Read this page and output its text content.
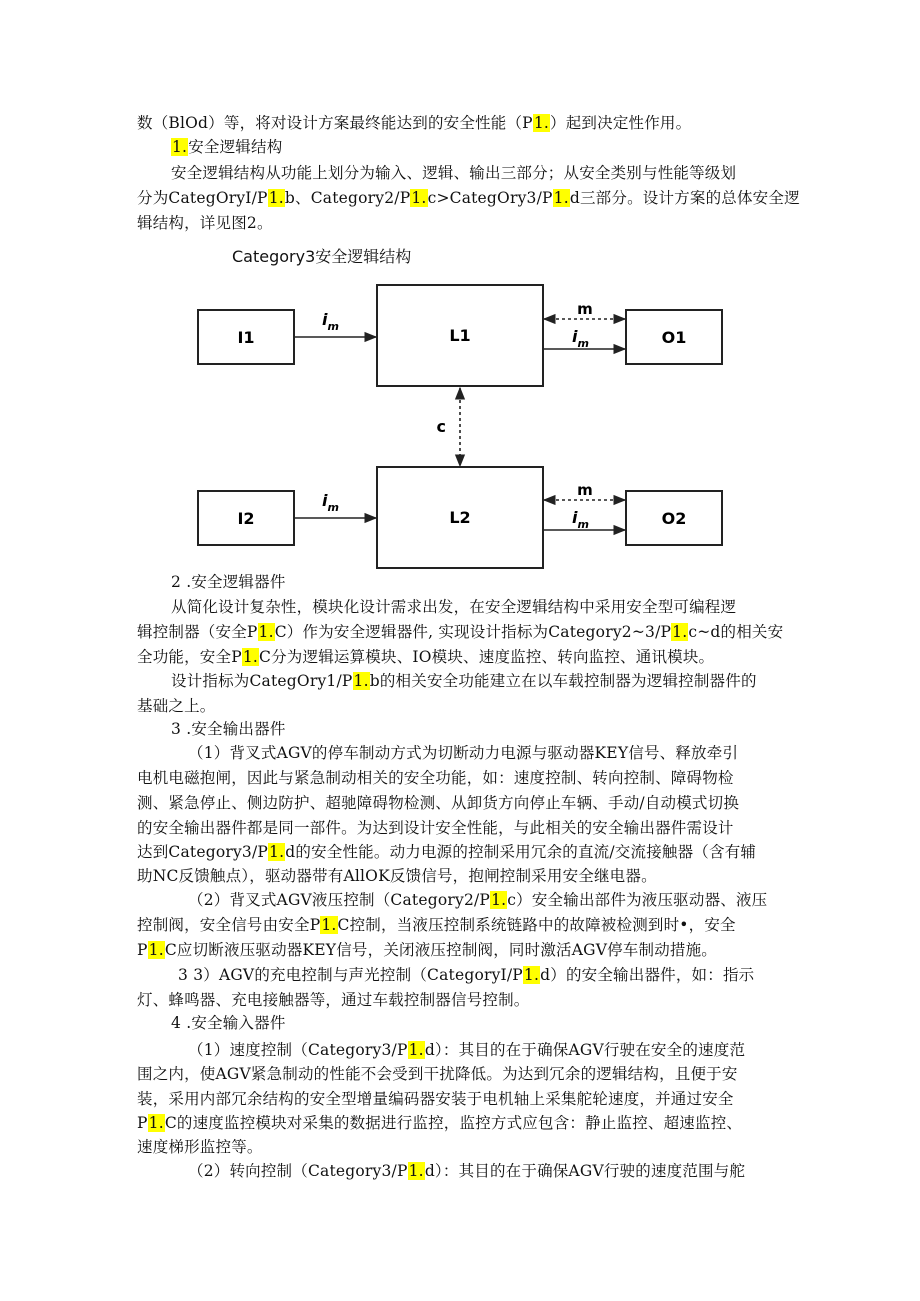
数（BlOd）等，将对设计方案最终能达到的安全性能（P1.）起到决定性作用。
1.安全逻辑结构
安全逻辑结构从功能上划分为输入、逻辑、输出三部分；从安全类别与性能等级划
分为CategOryI/P1.b、Category2/P1.c>CategOry3/P1.d三部分。设计方案的总体安全逻
辑结构，详见图2。
Category3安全逻辑结构
I1	L1	O1
I2	L2	O2
$i_m$
m
$i_m$
c
$i_m$
m
$i_m$
2 .安全逻辑器件
从简化设计复杂性，模块化设计需求出发，在安全逻辑结构中采用安全型可编程逻
辑控制器（安全P1.C）作为安全逻辑器件, 实现设计指标为Category2~3/P1.c~d的相关安
全功能，安全P1.C分为逻辑运算模块、IO模块、速度监控、转向监控、通讯模块。
设计指标为CategOry1/P1.b的相关安全功能建立在以车载控制器为逻辑控制器件的
基础之上。
3 .安全输出器件
（1）背叉式AGV的停车制动方式为切断动力电源与驱动器KEY信号、释放牵引
电机电磁抱闸，因此与紧急制动相关的安全功能，如：速度控制、转向控制、障碍物检
测、紧急停止、侧边防护、超驰障碍物检测、从卸货方向停止车辆、手动/自动模式切换
的安全输出器件都是同一部件。为达到设计安全性能，与此相关的安全输出器件需设计
达到Category3/P1.d的安全性能。动力电源的控制采用冗余的直流/交流接触器（含有辅
助NC反馈触点），驱动器带有AllOK反馈信号，抱闸控制采用安全继电器。
（2）背叉式AGV液压控制（Category2/P1.c）安全输出部件为液压驱动器、液压
控制阀，安全信号由安全P1.C控制，当液压控制系统链路中的故障被检测到时•，安全
P1.C应切断液压驱动器KEY信号，关闭液压控制阀，同时激活AGV停车制动措施。
3 3）AGV的充电控制与声光控制（CategoryI/P1.d）的安全输出器件，如：指示
灯、蜂鸣器、充电接触器等，通过车载控制器信号控制。
4 .安全输入器件
（1）速度控制（Category3/P1.d）：其目的在于确保AGV行驶在安全的速度范
围之内，使AGV紧急制动的性能不会受到干扰降低。为达到冗余的逻辑结构，且便于安
装，采用内部冗余结构的安全型增量编码器安装于电机轴上采集舵轮速度，并通过安全
P1.C的速度监控模块对采集的数据进行监控，监控方式应包含：静止监控、超速监控、
速度梯形监控等。
（2）转向控制（Category3/P1.d）：其目的在于确保AGV行驶的速度范围与舵
